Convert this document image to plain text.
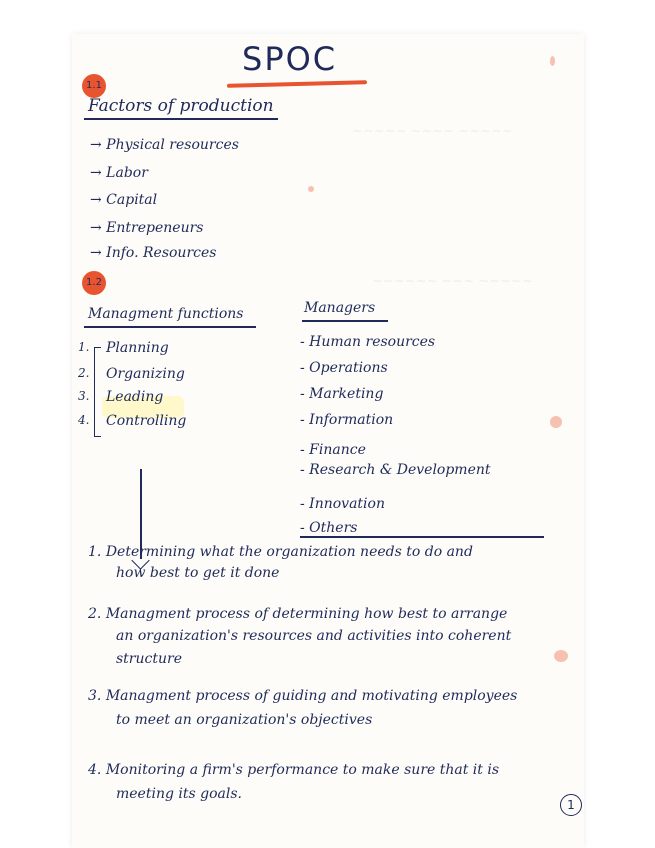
~~~~~ ~~~~ ~~~~~
~~~~~~ ~~~ ~~~~~
SPOC
1.1
Factors of production
→ Physical resources
→ Labor
→ Capital
→ Entrepeneurs
→ Info. Resources
1.2
Managment functions	Managers
1.
2.
3.
4.
Planning
Organizing
Leading
Controlling
- Human resources
- Operations
- Marketing
- Information
- Finance
- Research & Development
- Innovation
- Others
1. Determining what the organization needs to do and
how best to get it done
2. Managment process of determining how best to arrange
an organization's resources and activities into coherent
structure
3. Managment process of guiding and motivating employees
to meet an organization's objectives
4. Monitoring a firm's performance to make sure that it is
meeting its goals.
1
